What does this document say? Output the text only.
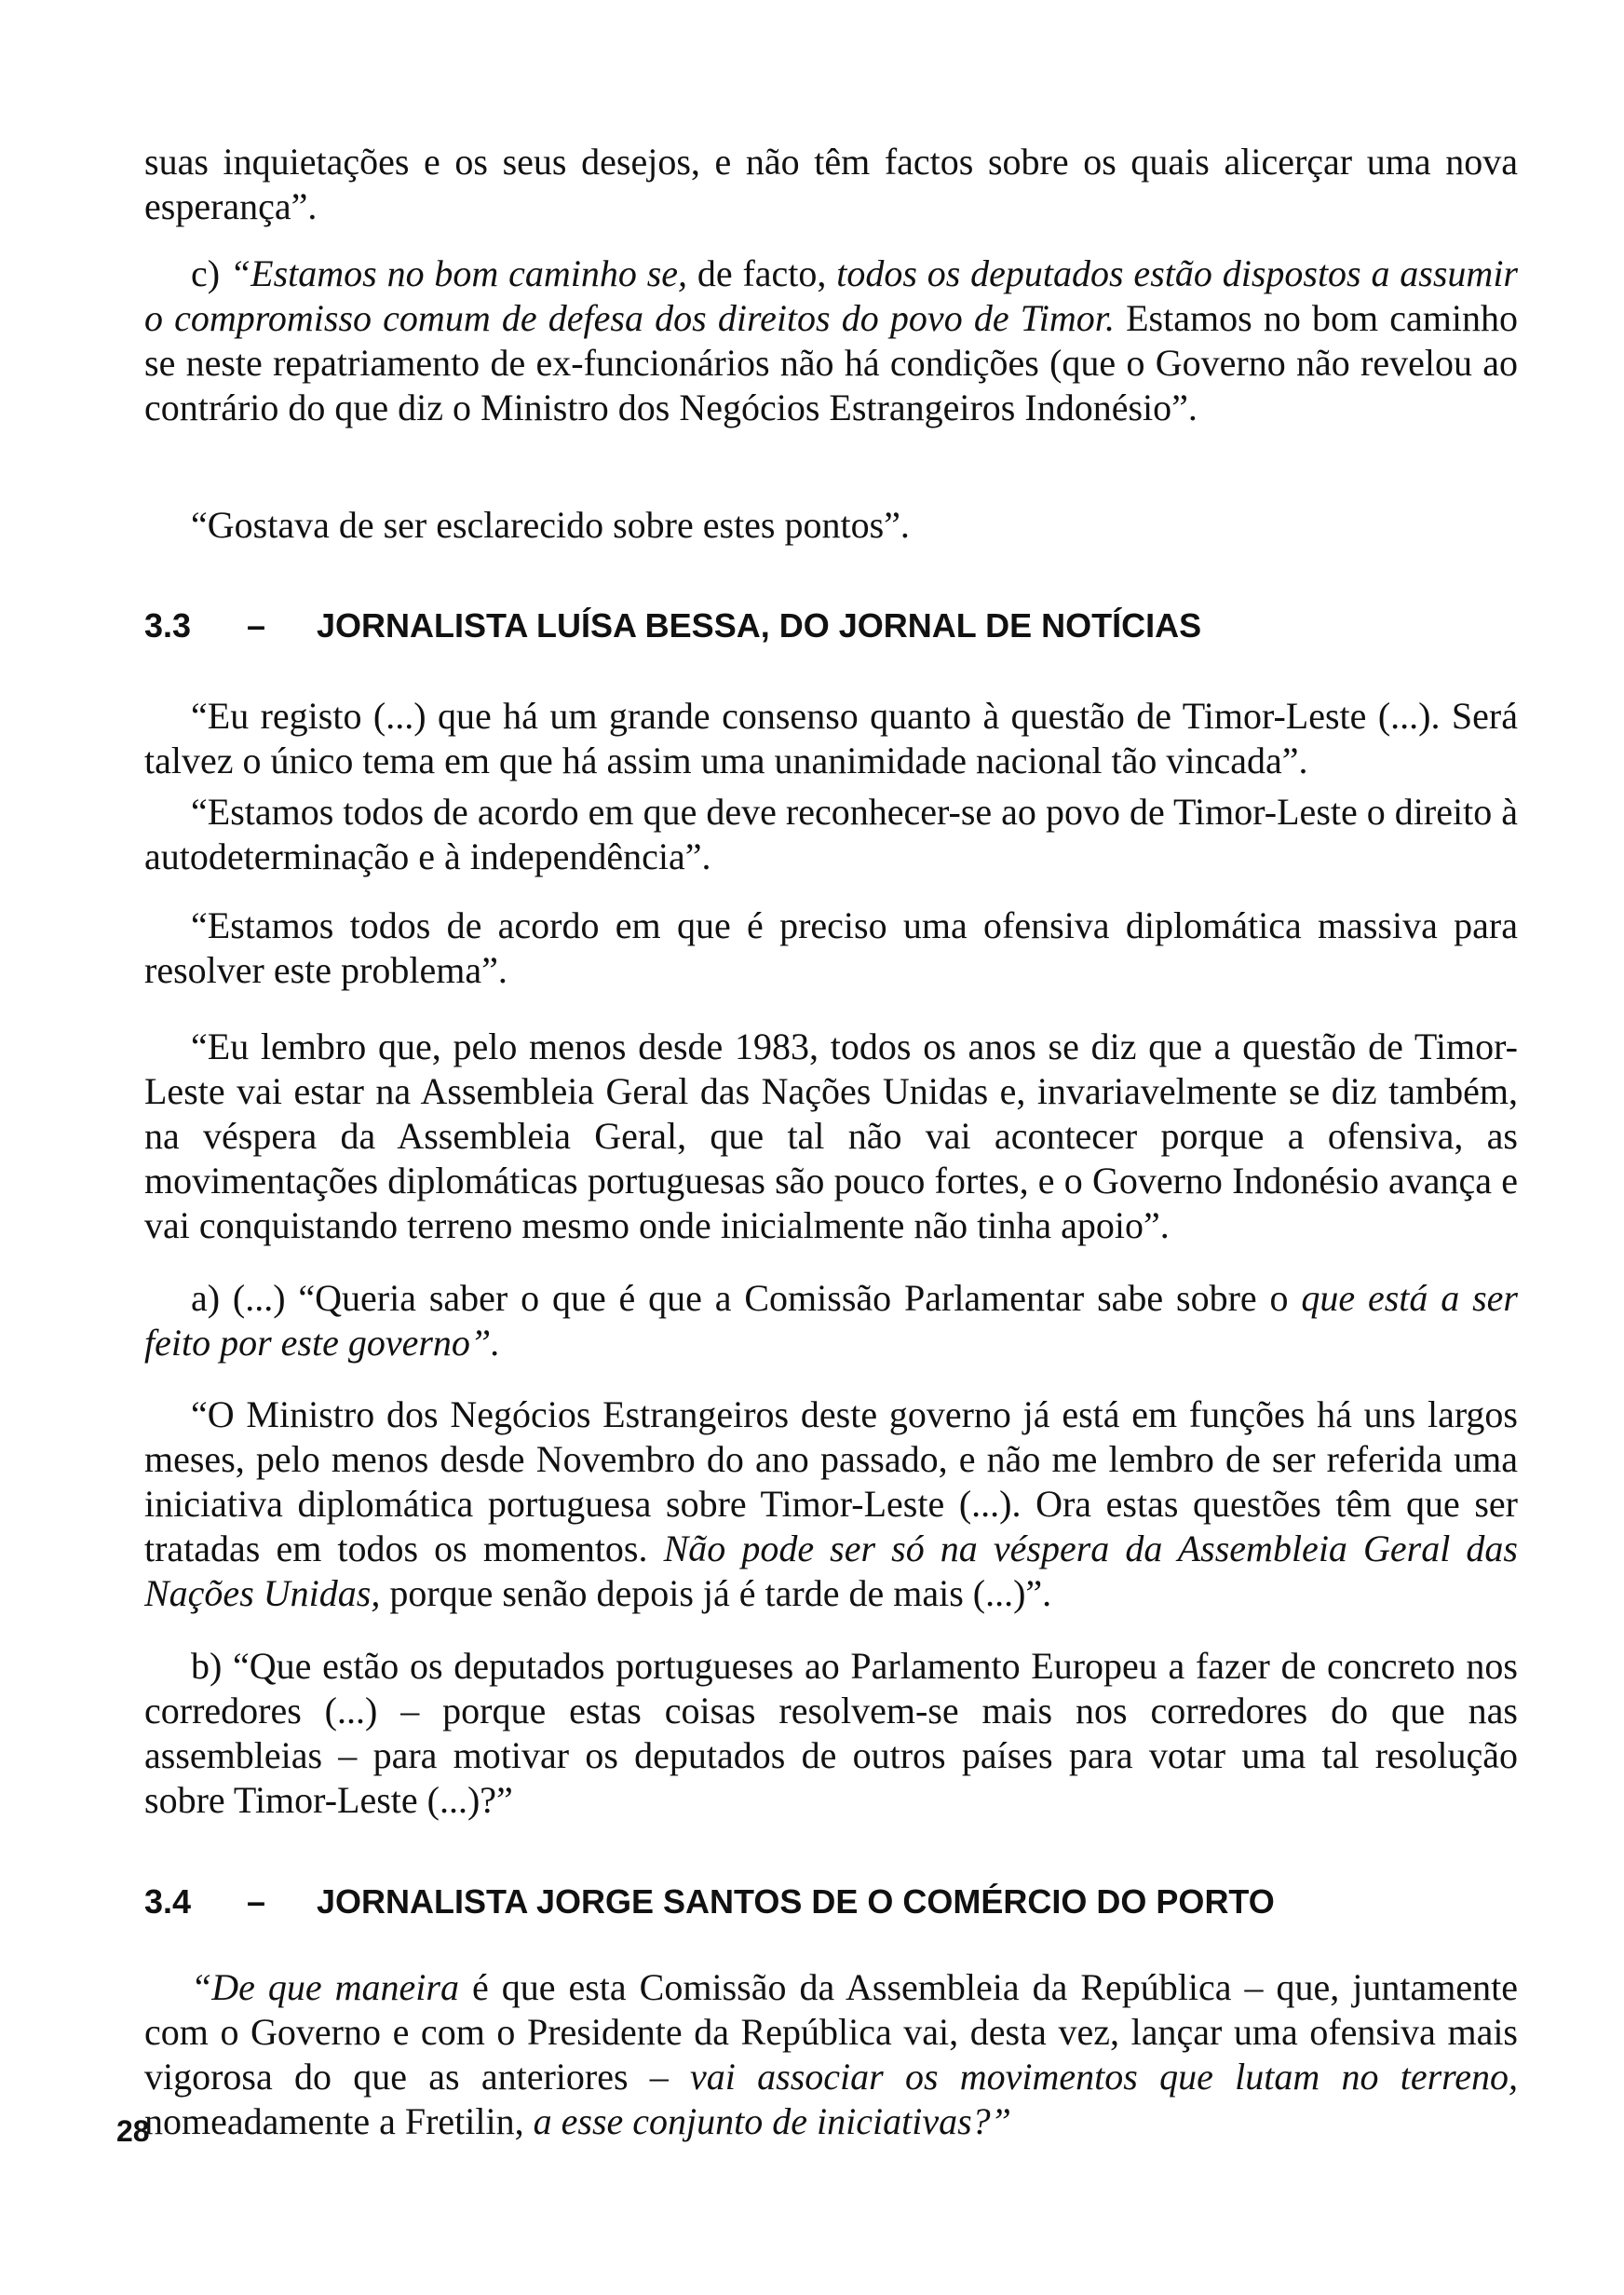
suas inquietações e os seus desejos, e não têm factos sobre os quais alicerçar uma nova esperança”.

c) “Estamos no bom caminho se, de facto, todos os deputados estão dispostos a assumir o compromisso comum de defesa dos direitos do povo de Timor. Estamos no bom caminho se neste repatriamento de ex-funcionários não há condições (que o Governo não revelou ao contrário do que diz o Ministro dos Negócios Estrangeiros Indonésio”.

“Gostava de ser esclarecido sobre estes pontos”.

3.3 – JORNALISTA LUÍSA BESSA, DO JORNAL DE NOTÍCIAS

“Eu registo (...) que há um grande consenso quanto à questão de Timor-Leste (...). Será talvez o único tema em que há assim uma unanimidade nacional tão vincada”.

“Estamos todos de acordo em que deve reconhecer-se ao povo de Timor-Leste o direito à autodeterminação e à independência”.

“Estamos todos de acordo em que é preciso uma ofensiva diplomática massiva para resolver este problema”.

“Eu lembro que, pelo menos desde 1983, todos os anos se diz que a questão de Timor-Leste vai estar na Assembleia Geral das Nações Unidas e, invariavelmente se diz também, na véspera da Assembleia Geral, que tal não vai acontecer porque a ofensiva, as movimentações diplomáticas portuguesas são pouco fortes, e o Governo Indonésio avança e vai conquistando terreno mesmo onde inicialmente não tinha apoio”.

a) (...) “Queria saber o que é que a Comissão Parlamentar sabe sobre o que está a ser feito por este governo”.

“O Ministro dos Negócios Estrangeiros deste governo já está em funções há uns largos meses, pelo menos desde Novembro do ano passado, e não me lembro de ser referida uma iniciativa diplomática portuguesa sobre Timor-Leste (...). Ora estas questões têm que ser tratadas em todos os momentos. Não pode ser só na véspera da Assembleia Geral das Nações Unidas, porque senão depois já é tarde de mais (...)”.

b) “Que estão os deputados portugueses ao Parlamento Europeu a fazer de concreto nos corredores (...) – porque estas coisas resolvem-se mais nos corredores do que nas assembleias – para motivar os deputados de outros países para votar uma tal resolução sobre Timor-Leste (...)?”

3.4 – JORNALISTA JORGE SANTOS DE O COMÉRCIO DO PORTO

“De que maneira é que esta Comissão da Assembleia da República – que, juntamente com o Governo e com o Presidente da República vai, desta vez, lançar uma ofensiva mais vigorosa do que as anteriores – vai associar os movimentos que lutam no terreno, nomeadamente a Fretilin, a esse conjunto de iniciativas?”

28
